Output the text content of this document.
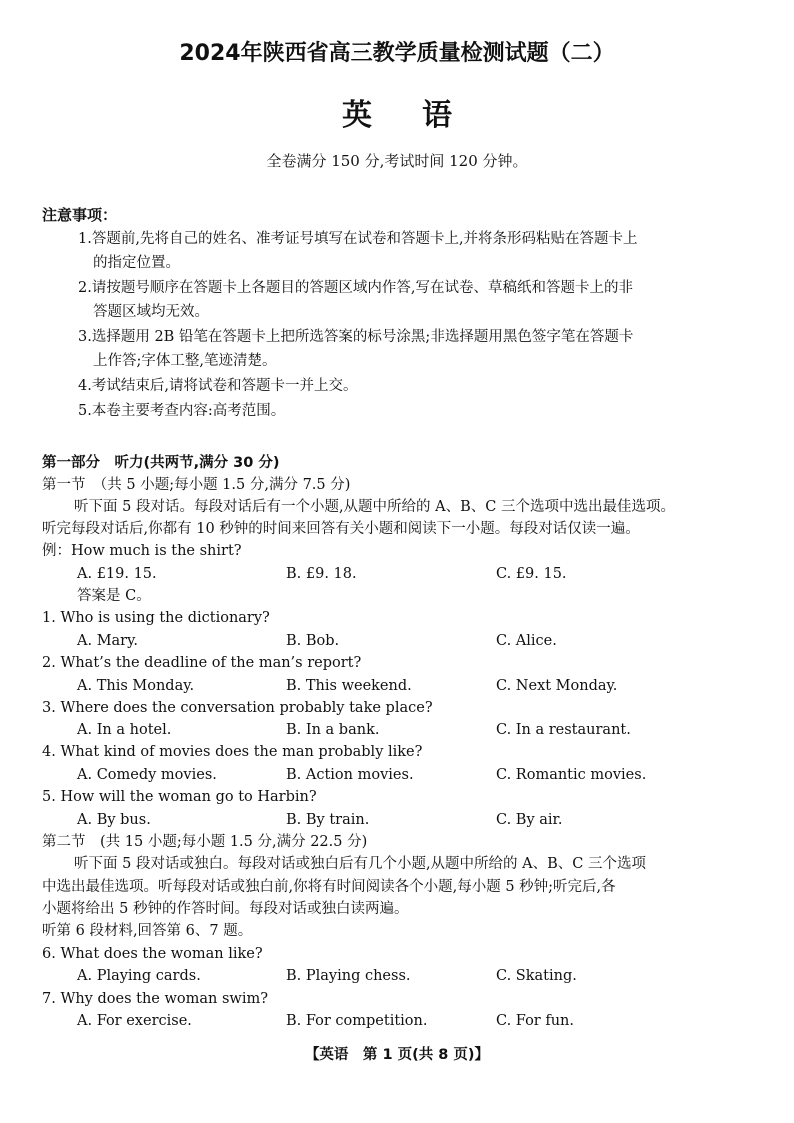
2024年陕西省高三教学质量检测试题（二）
英语
全卷满分 150 分,考试时间 120 分钟。
注意事项：
1.答题前,先将自己的姓名、准考证号填写在试卷和答题卡上,并将条形码粘贴在答题卡上
的指定位置。
2.请按题号顺序在答题卡上各题目的答题区域内作答,写在试卷、草稿纸和答题卡上的非
答题区域均无效。
3.选择题用 2B 铅笔在答题卡上把所选答案的标号涂黑;非选择题用黑色签字笔在答题卡
上作答;字体工整,笔迹清楚。
4.考试结束后,请将试卷和答题卡一并上交。
5.本卷主要考查内容:高考范围。
第一部分　听力(共两节,满分 30 分)
第一节　（共 5 小题;每小题 1.5 分,满分 7.5 分)
听下面 5 段对话。每段对话后有一个小题,从题中所给的 A、B、C 三个选项中选出最佳选项。
听完每段对话后,你都有 10 秒钟的时间来回答有关小题和阅读下一小题。每段对话仅读一遍。
例：How much is the shirt?
A. £19. 15.	B. £9. 18.	C. £9. 15.
答案是 C。
1. Who is using the dictionary?
A. Mary.	B. Bob.	C. Alice.
2. What’s the deadline of the man’s report?
A. This Monday.	B. This weekend.	C. Next Monday.
3. Where does the conversation probably take place?
A. In a hotel.	B. In a bank.	C. In a restaurant.
4. What kind of movies does the man probably like?
A. Comedy movies.	B. Action movies.	C. Romantic movies.
5. How will the woman go to Harbin?
A. By bus.	B. By train.	C. By air.
第二节　(共 15 小题;每小题 1.5 分,满分 22.5 分)
听下面 5 段对话或独白。每段对话或独白后有几个小题,从题中所给的 A、B、C 三个选项
中选出最佳选项。听每段对话或独白前,你将有时间阅读各个小题,每小题 5 秒钟;听完后,各
小题将给出 5 秒钟的作答时间。每段对话或独白读两遍。
听第 6 段材料,回答第 6、7 题。
6. What does the woman like?
A. Playing cards.	B. Playing chess.	C. Skating.
7. Why does the woman swim?
A. For exercise.	B. For competition.	C. For fun.
【英语　第 1 页(共 8 页)】
